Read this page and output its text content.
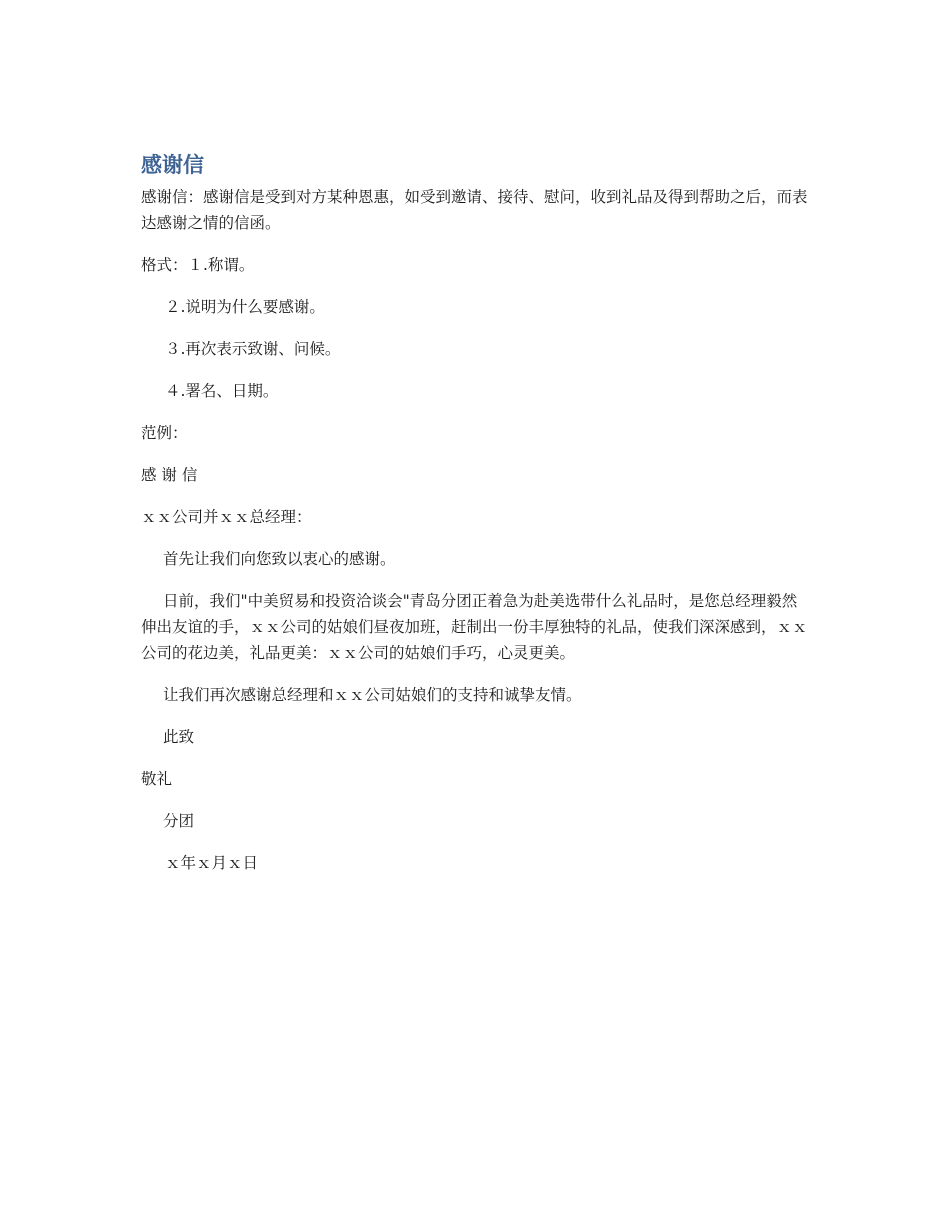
感谢信

感谢信：感谢信是受到对方某种恩惠，如受到邀请、接待、慰问，收到礼品及得到帮助之后，而表达感谢之情的信函。

格式：１.称谓。

２.说明为什么要感谢。

３.再次表示致谢、问候。

４.署名、日期。

范例：

感 谢 信

ｘｘ公司并ｘｘ总经理：

首先让我们向您致以衷心的感谢。

日前，我们"中美贸易和投资洽谈会"青岛分团正着急为赴美选带什么礼品时，是您总经理毅然伸出友谊的手，ｘｘ公司的姑娘们昼夜加班，赶制出一份丰厚独特的礼品，使我们深深感到，ｘｘ公司的花边美，礼品更美：ｘｘ公司的姑娘们手巧，心灵更美。

让我们再次感谢总经理和ｘｘ公司姑娘们的支持和诚挚友情。

此致

敬礼

分团

ｘ年ｘ月ｘ日
